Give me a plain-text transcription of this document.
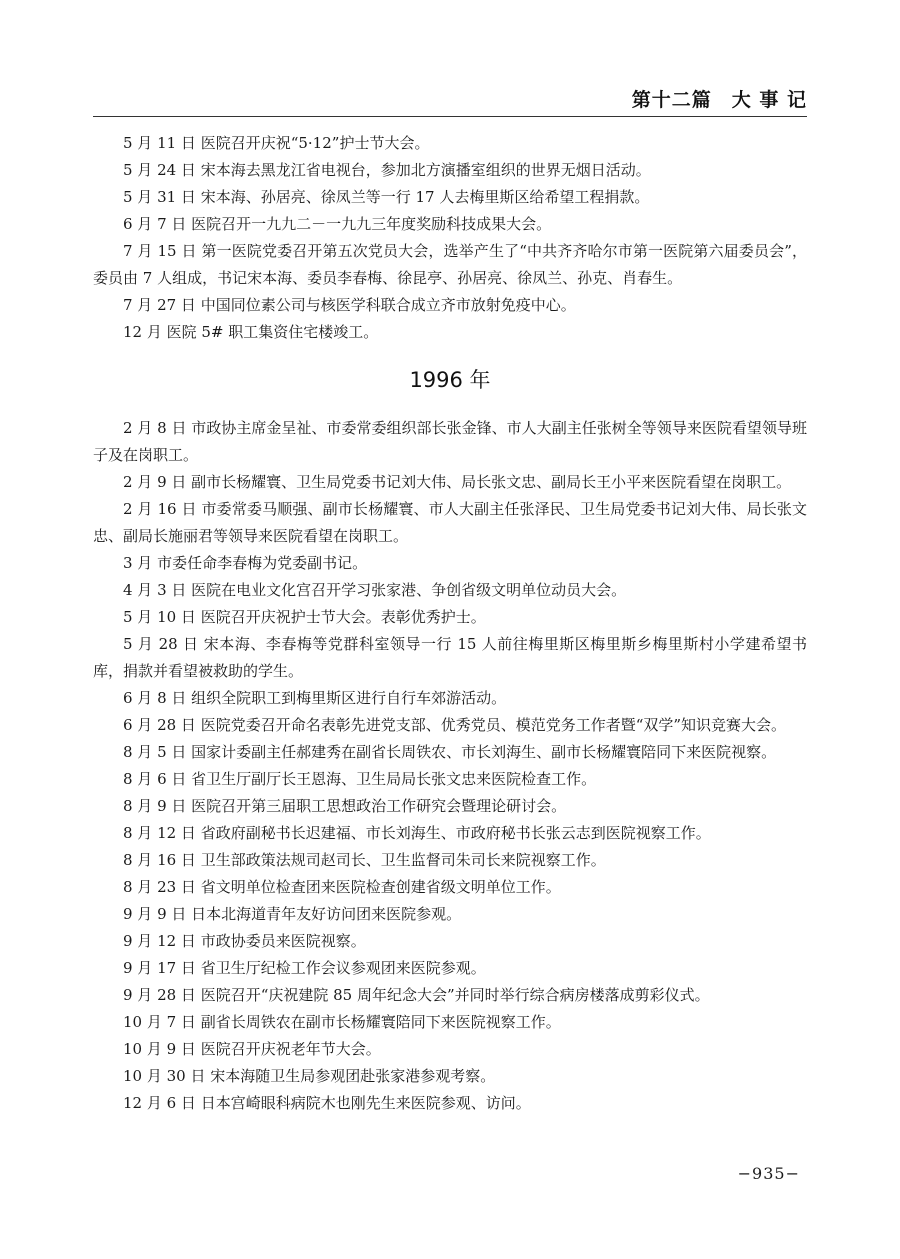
第十二篇　大 事 记

5 月 11 日 医院召开庆祝“5·12”护士节大会。

5 月 24 日 宋本海去黑龙江省电视台，参加北方演播室组织的世界无烟日活动。

5 月 31 日 宋本海、孙居亮、徐凤兰等一行 17 人去梅里斯区给希望工程捐款。

6 月 7 日 医院召开一九九二－一九九三年度奖励科技成果大会。

7 月 15 日 第一医院党委召开第五次党员大会，选举产生了“中共齐齐哈尔市第一医院第六届委员会”，委员由 7 人组成，书记宋本海、委员李春梅、徐昆亭、孙居亮、徐凤兰、孙克、肖春生。

7 月 27 日 中国同位素公司与核医学科联合成立齐市放射免疫中心。

12 月 医院 5# 职工集资住宅楼竣工。

1996 年

2 月 8 日 市政协主席金呈祉、市委常委组织部长张金锋、市人大副主任张树全等领导来医院看望领导班子及在岗职工。

2 月 9 日 副市长杨耀寰、卫生局党委书记刘大伟、局长张文忠、副局长王小平来医院看望在岗职工。

2 月 16 日 市委常委马顺强、副市长杨耀寰、市人大副主任张泽民、卫生局党委书记刘大伟、局长张文忠、副局长施丽君等领导来医院看望在岗职工。

3 月 市委任命李春梅为党委副书记。

4 月 3 日 医院在电业文化宫召开学习张家港、争创省级文明单位动员大会。

5 月 10 日 医院召开庆祝护士节大会。表彰优秀护士。

5 月 28 日 宋本海、李春梅等党群科室领导一行 15 人前往梅里斯区梅里斯乡梅里斯村小学建希望书库，捐款并看望被救助的学生。

6 月 8 日 组织全院职工到梅里斯区进行自行车郊游活动。

6 月 28 日 医院党委召开命名表彰先进党支部、优秀党员、模范党务工作者暨“双学”知识竞赛大会。

8 月 5 日 国家计委副主任郝建秀在副省长周铁农、市长刘海生、副市长杨耀寰陪同下来医院视察。

8 月 6 日 省卫生厅副厅长王恩海、卫生局局长张文忠来医院检查工作。

8 月 9 日 医院召开第三届职工思想政治工作研究会暨理论研讨会。

8 月 12 日 省政府副秘书长迟建福、市长刘海生、市政府秘书长张云志到医院视察工作。

8 月 16 日 卫生部政策法规司赵司长、卫生监督司朱司长来院视察工作。

8 月 23 日 省文明单位检查团来医院检查创建省级文明单位工作。

9 月 9 日 日本北海道青年友好访问团来医院参观。

9 月 12 日 市政协委员来医院视察。

9 月 17 日 省卫生厅纪检工作会议参观团来医院参观。

9 月 28 日 医院召开“庆祝建院 85 周年纪念大会”并同时举行综合病房楼落成剪彩仪式。

10 月 7 日 副省长周铁农在副市长杨耀寰陪同下来医院视察工作。

10 月 9 日 医院召开庆祝老年节大会。

10 月 30 日 宋本海随卫生局参观团赴张家港参观考察。

12 月 6 日 日本宫崎眼科病院木也刚先生来医院参观、访问。

−935−
